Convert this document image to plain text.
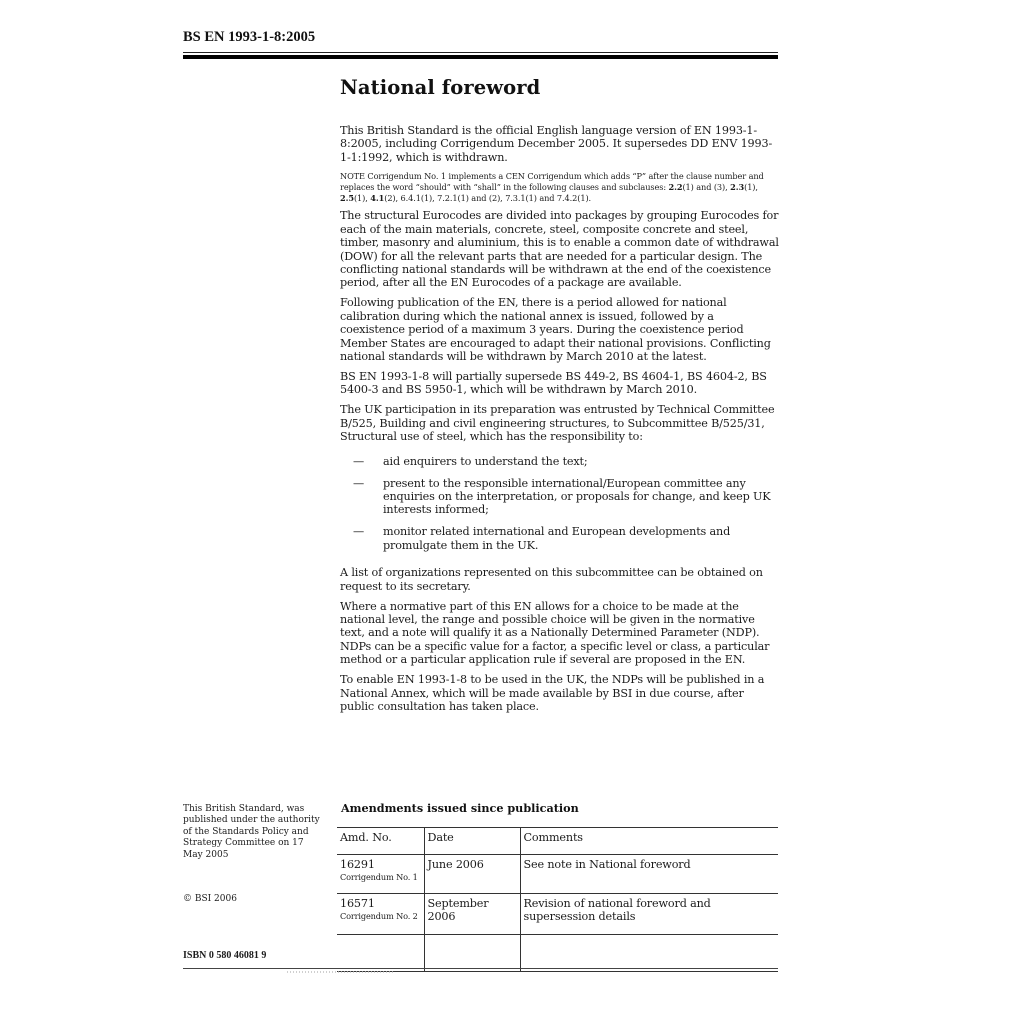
BS EN 1993-1-8:2005
National foreword

This British Standard is the official English language version of EN 1993-1-8:2005, including Corrigendum December 2005. It supersedes DD ENV 1993-1-1:1992, which is withdrawn.

NOTE Corrigendum No. 1 implements a CEN Corrigendum which adds “P” after the clause number and replaces the word “should” with “shall” in the following clauses and subclauses: 2.2(1) and (3), 2.3(1), 2.5(1), 4.1(2), 6.4.1(1), 7.2.1(1) and (2), 7.3.1(1) and 7.4.2(1).

The structural Eurocodes are divided into packages by grouping Eurocodes for each of the main materials, concrete, steel, composite concrete and steel, timber, masonry and aluminium, this is to enable a common date of withdrawal (DOW) for all the relevant parts that are needed for a particular design. The conflicting national standards will be withdrawn at the end of the coexistence period, after all the EN Eurocodes of a package are available.

Following publication of the EN, there is a period allowed for national calibration during which the national annex is issued, followed by a coexistence period of a maximum 3 years. During the coexistence period Member States are encouraged to adapt their national provisions. Conflicting national standards will be withdrawn by March 2010 at the latest.

BS EN 1993-1-8 will partially supersede BS 449-2, BS 4604-1, BS 4604-2, BS 5400-3 and BS 5950-1, which will be withdrawn by March 2010.

The UK participation in its preparation was entrusted by Technical Committee B/525, Building and civil engineering structures, to Subcommittee B/525/31, Structural use of steel, which has the responsibility to:

—	aid enquirers to understand the text;
—	present to the responsible international/European committee any enquiries on the interpretation, or proposals for change, and keep UK interests informed;
—	monitor related international and European developments and promulgate them in the UK.

A list of organizations represented on this subcommittee can be obtained on request to its secretary.

Where a normative part of this EN allows for a choice to be made at the national level, the range and possible choice will be given in the normative text, and a note will qualify it as a Nationally Determined Parameter (NDP). NDPs can be a specific value for a factor, a specific level or class, a particular method or a particular application rule if several are proposed in the EN.

To enable EN 1993-1-8 to be used in the UK, the NDPs will be published in a National Annex, which will be made available by BSI in due course, after public consultation has taken place.

This British Standard, was published under the authority of the Standards Policy and Strategy Committee on 17 May 2005
© BSI 2006
ISBN 0 580 46081 9
Amendments issued since publication
Amd. No.	Date	Comments
16291
Corrigendum No. 1	June 2006	See note in National foreword
16571
Corrigendum No. 2	September 2006	Revision of national foreword and supersession details
